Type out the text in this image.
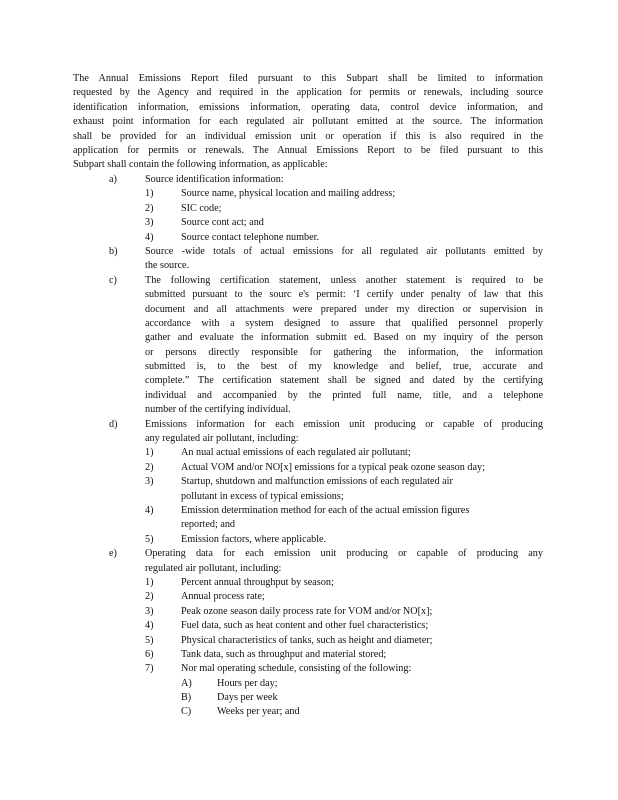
The Annual Emissions Report filed pursuant to this Subpart shall be limited to information
requested by the Agency and required in the application for permits or renewals, including source
identification information, emissions information, operating data, control device information, and
exhaust point information for each regulated air pollutant emitted at the source. The information
shall be provided for an individual emission unit or operation if this is also required in the
application for permits or renewals. The Annual Emissions Report to be filed pursuant to this
Subpart shall contain the following information, as applicable:
a)	Source identification information:
1)	Source name, physical location and mailing address;
2)	SIC code;
3)	Source cont act; and
4)	Source contact telephone number.
b)	Source -wide totals of actual emissions for all regulated air pollutants emitted by
the source.
c)	The following certification statement, unless another statement is required to be
submitted pursuant to the sourc e's permit: ‘I certify under penalty of law that this
document and all attachments were prepared under my direction or supervision in
accordance with a system designed to assure that qualified personnel properly
gather and evaluate the information submitt ed. Based on my inquiry of the person
or persons directly responsible for gathering the information, the information
submitted is, to the best of my knowledge and belief, true, accurate and
complete.” The certification statement shall be signed and dated by the certifying
individual and accompanied by the printed full name, title, and a telephone
number of the certifying individual.
d)	Emissions information for each emission unit producing or capable of producing
any regulated air pollutant, including:
1)	An nual actual emissions of each regulated air pollutant;
2)	Actual VOM and/or NO[x] emissions for a typical peak ozone season day;
3)	Startup, shutdown and malfunction emissions of each regulated air
pollutant in excess of typical emissions;
4)	Emission determination method for each of the actual emission figures
reported; and
5)	Emission factors, where applicable.
e)	Operating data for each emission unit producing or capable of producing any
regulated air pollutant, including:
1)	Percent annual throughput by season;
2)	Annual process rate;
3)	Peak ozone season daily process rate for VOM and/or NO[x];
4)	Fuel data, such as heat content and other fuel characteristics;
5)	Physical characteristics of tanks, such as height and diameter;
6)	Tank data, such as throughput and material stored;
7)	Nor mal operating schedule, consisting of the following:
A)	Hours per day;
B)	Days per week
C)	Weeks per year; and
